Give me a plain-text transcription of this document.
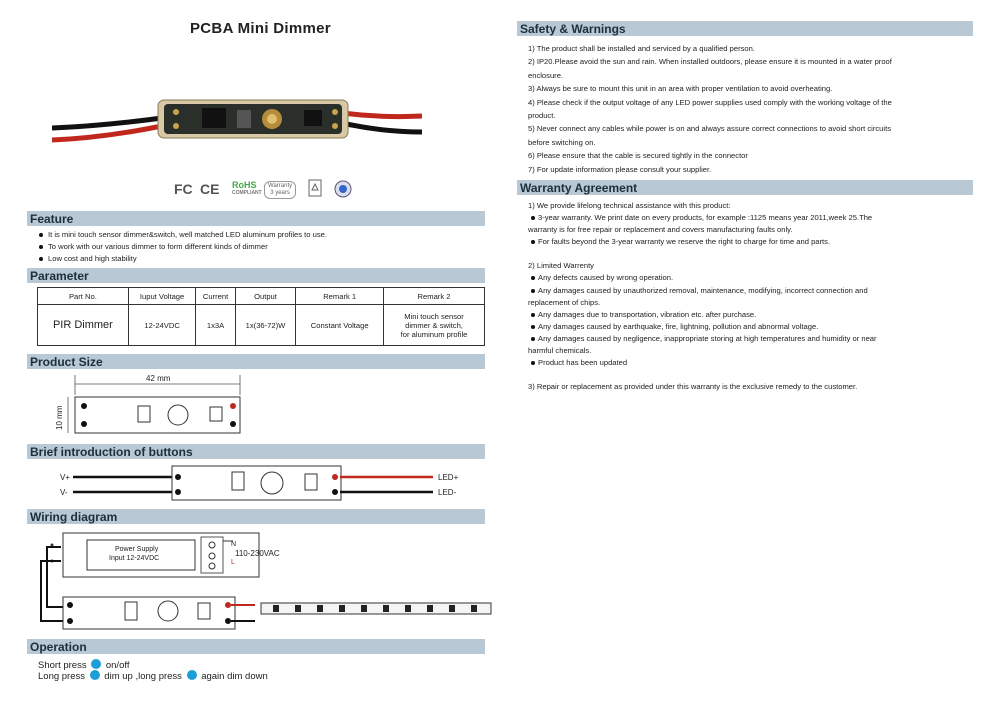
PCBA Mini Dimmer
FC CE RoHS
COMPLIANT
Warranty
3 years
Feature
It is mini touch sensor dimmer&switch, well matched LED aluminum profiles to use.
To work with our various dimmer to form different kinds of dimmer
Low cost and high stability
Parameter
Part No.	Iuput Voltage	Current	Output	Remark 1	Remark 2
PIR Dimmer	12-24VDC	1x3A	1x(36-72)W	Constant Voltage	Mini touch sensor
dimmer & switch,
for aluminum profile
Product Size
42 mm
10 mm
Brief introduction of buttons
V+
V-
LED+
LED-
Wiring diagram
Power Supply
Input 12-24VDC
N
L
110-230VAC
Operation
Short press on/off
Long press dim up ,long press again dim down
Safety & Warnings

1) The product shall be installed and serviced by a qualified person.

2) IP20.Please avoid the sun and rain. When installed outdoors, please ensure it is mounted in a water proof

enclosure.

3) Always be sure to mount this unit in an area with proper ventilation to avoid overheating.

4) Please check if the output voltage of any LED power supplies used comply with the working voltage of the

product.

5) Never connect any cables while power is on and always assure correct connections to avoid short circuits

before switching on.

6) Please ensure that the cable is secured tightly in the connector

7) For update information please consult your supplier.

Warranty Agreement

1) We provide lifelong technical assistance with this product:

3-year warranty. We print date on every products, for example :1125 means year 2011,week 25.The

warranty is for free repair or replacement and covers manufacturing faults only.

For faults beyond the 3-year warranty we reserve the right to charge for time and parts.

2) Limited Warrenty

Any defects caused by wrong operation.

Any damages caused by unauthorized removal, maintenance, modifying, incorrect connection and

replacement of chips.

Any damages due to transportation, vibration etc. after purchase.

Any damages caused by earthquake, fire, lightning, pollution and abnormal voltage.

Any damages caused by negligence, inappropriate storing at high temperatures and humidity or near

harmful chemicals.

Product has been updated

3) Repair or replacement as provided under this warranty is the exclusive remedy to the customer.
